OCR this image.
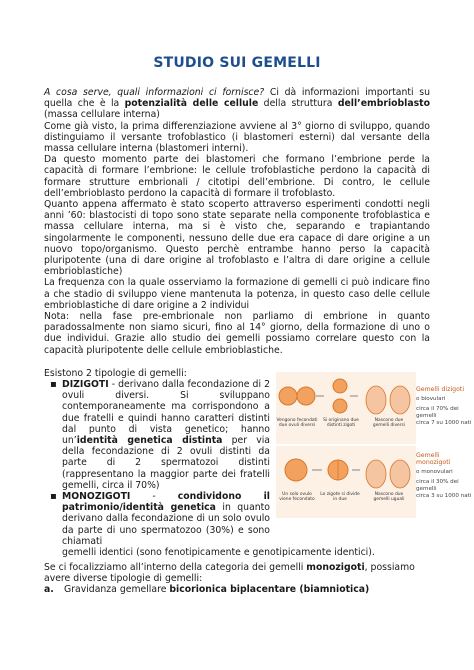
STUDIO SUI GEMELLI

A cosa serve, quali informazioni ci fornisce? Ci dà informazioni importanti su quella che è la potenzialità delle cellule della struttura dell’embrioblasto (massa cellulare interna)

Come già visto, la prima differenziazione avviene al 3° giorno di sviluppo, quando distinguiamo il versante trofoblastico (i blastomeri esterni) dal versante della massa cellulare interna (blastomeri interni).

Da questo momento parte dei blastomeri che formano l’embrione perde la capacità di formare l’embrione: le cellule trofoblastiche perdono la capacità di formare strutture embrionali / citotipi dell’embrione. Di contro, le cellule dell’embrioblasto perdono la capacità di formare il trofoblasto.

Quanto appena affermato è stato scoperto attraverso esperimenti condotti negli anni ’60: blastocisti di topo sono state separate nella componente trofoblastica e massa cellulare interna, ma si è visto che, separando e trapiantando singolarmente le componenti, nessuno delle due era capace di dare origine a un nuovo topo/organismo. Questo perchè entrambe hanno perso la capacità pluripotente (una di dare origine al trofoblasto e l’altra di dare origine a cellule embrioblastiche)

La frequenza con la quale osserviamo la formazione di gemelli ci può indicare fino a che stadio di sviluppo viene mantenuta la potenza, in questo caso delle cellule embrioblastiche di dare origine a 2 individui

Nota: nella fase pre-embrionale non parliamo di embrione in quanto paradossalmente non siamo sicuri, fino al 14° giorno, della formazione di uno o due individui. Grazie allo studio dei gemelli possiamo correlare questo con la capacità pluripotente delle cellule embrioblastiche.

Esistono 2 tipologie di gemelli:
▪ DIZIGOTI - derivano dalla fecondazione di 2 ovuli diversi. Si sviluppano contemporaneamente ma corrispondono a due fratelli e quindi hanno caratteri distinti dal punto di vista genetico; hanno un’identità genetica distinta per via della fecondazione di 2 ovuli distinti da parte di 2 spermatozoi distinti (rappresentano la maggior parte dei fratelli gemelli, circa il 70%)
▪ MONOZIGOTI - condividono il patrimonio/identità genetica in quanto derivano dalla fecondazione di un solo ovulo da parte di uno spermatozoo (30%) e sono chiamati
gemelli identici (sono fenotipicamente e genotipicamente identici).
Vengono fecondati due ovuli diversi
Si originano due distinti zigoti
Nascono due gemelli diversi
Gemelli dizigoti
o biovulari
circa il 70% dei gemelli
circa 7 su 1000 nati
Un solo ovulo viene fecondato
Lo zigote si divide in due
Nascono due gemelli uguali
Gemelli monozigoti
o monovulari
circa il 30% dei gemelli
circa 3 su 1000 nati

Se ci focalizziamo all’interno della categoria dei gemelli monozigoti, possiamo avere diverse tipologie di gemelli:

a. Gravidanza gemellare bicorionica biplacentare (biamniotica)
